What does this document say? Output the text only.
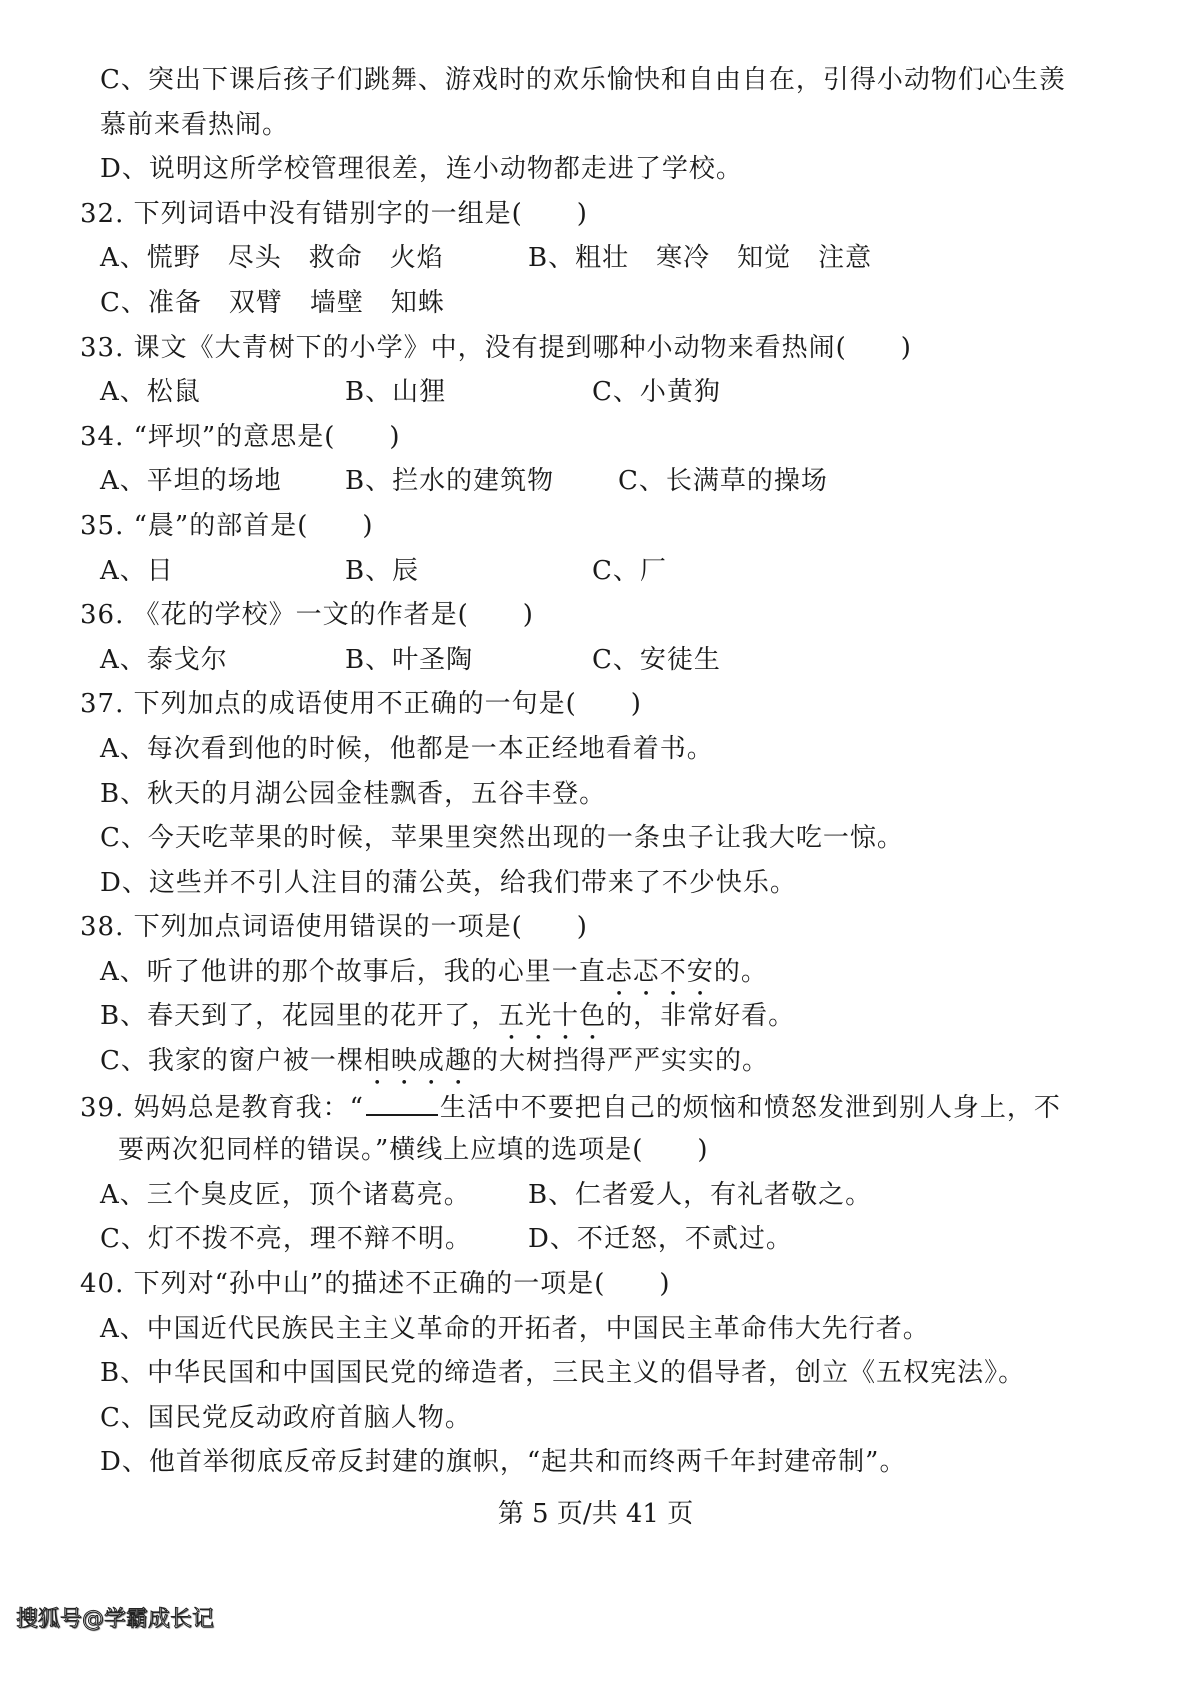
C、突出下课后孩子们跳舞、游戏时的欢乐愉快和自由自在，引得小动物们心生羡
慕前来看热闹。
D、说明这所学校管理很差，连小动物都走进了学校。
32. 下列词语中没有错别字的一组是(　　)
A、慌野　尽头　救命　火焰	B、粗壮　寒冷　知觉　注意
C、准备　双臂　墙壁　知蛛
33. 课文《大青树下的小学》中，没有提到哪种小动物来看热闹(　　)
A、松鼠	B、山狸	C、小黄狗
34. “坪坝”的意思是(　　)
A、平坦的场地 B、拦水的建筑物 C、长满草的操场
35. “晨”的部首是(　　)
A、日	B、辰	C、厂
36. 《花的学校》一文的作者是(　　)
A、泰戈尔	B、叶圣陶	C、安徒生
37. 下列加点的成语使用不正确的一句是(　　)
A、每次看到他的时候，他都是一本正经地看着书。
B、秋天的月湖公园金桂飘香，五谷丰登。
C、今天吃苹果的时候，苹果里突然出现的一条虫子让我大吃一惊。
D、这些并不引人注目的蒲公英，给我们带来了不少快乐。
38. 下列加点词语使用错误的一项是(　　)
A、听了他讲的那个故事后，我的心里一直忐忑不安的。
B、春天到了，花园里的花开了，五光十色的，非常好看。
C、我家的窗户被一棵相映成趣的大树挡得严严实实的。
39. 妈妈总是教育我：“	生活中不要把自己的烦恼和愤怒发泄到别人身上，不
要两次犯同样的错误。”横线上应填的选项是(　　)
A、三个臭皮匠，顶个诸葛亮。 B、仁者爱人，有礼者敬之。
C、灯不拨不亮，理不辩不明。 D、不迁怒，不贰过。
40. 下列对“孙中山”的描述不正确的一项是(　　)
A、中国近代民族民主主义革命的开拓者，中国民主革命伟大先行者。
B、中华民国和中国国民党的缔造者，三民主义的倡导者，创立《五权宪法》。
C、国民党反动政府首脑人物。
D、他首举彻底反帝反封建的旗帜，“起共和而终两千年封建帝制”。
第 5 页/共 41 页
搜狐号@学霸成长记
